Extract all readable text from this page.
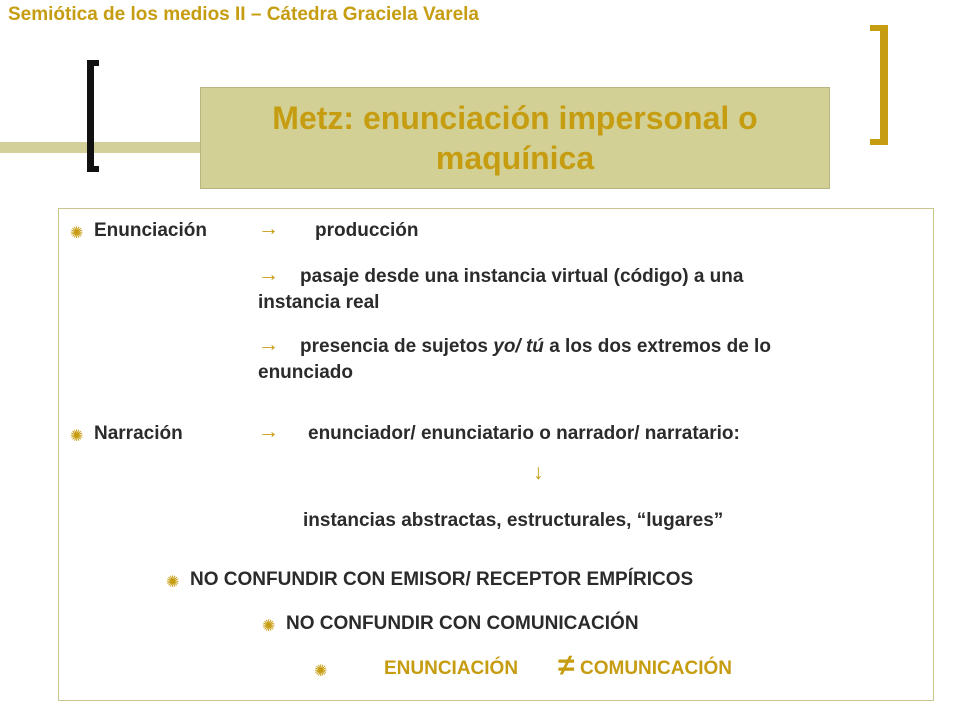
Semiótica de los medios II – Cátedra Graciela Varela
Metz: enunciación impersonal o maquínica
✺ Enunciación → producción
→ pasaje desde una instancia virtual (código) a una
instancia real
→ presencia de sujetos yo/ tú a los dos extremos de lo
enunciado
✺ Narración	→ enunciador/ enunciatario o narrador/ narratario:
↓
instancias abstractas, estructurales, “lugares”
✺ NO CONFUNDIR CON EMISOR/ RECEPTOR EMPÍRICOS
✺ NO CONFUNDIR CON COMUNICACIÓN
✺	ENUNCIACIÓN ≠ COMUNICACIÓN
